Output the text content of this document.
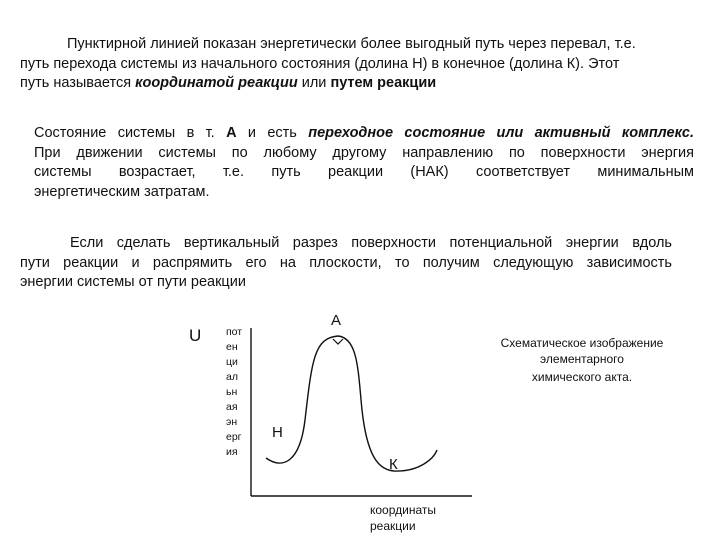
Пунктирной линией показан энергетически более выгодный путь через перевал, т.е.
путь перехода системы из начального состояния (долина Н) в конечное (долина К). Этот
путь называется координатой реакции или путем реакции
Состояние системы в т. А и есть переходное состояние или активный комплекс.
При движении системы по любому другому направлению по поверхности энергия
системы возрастает, т.е. путь реакции (НАК) соответствует минимальным
энергетическим затратам.
Если сделать вертикальный разрез поверхности потенциальной энергии вдоль
пути реакции и распрямить его на плоскости, то получим следующую зависимость
энергии системы от пути реакции
U пот
ен
ци
ал
ьн
ая
эн
ерг
ия
А
Н
К
координаты
реакции
Схематическое изображение
элементарного
химического акта.
